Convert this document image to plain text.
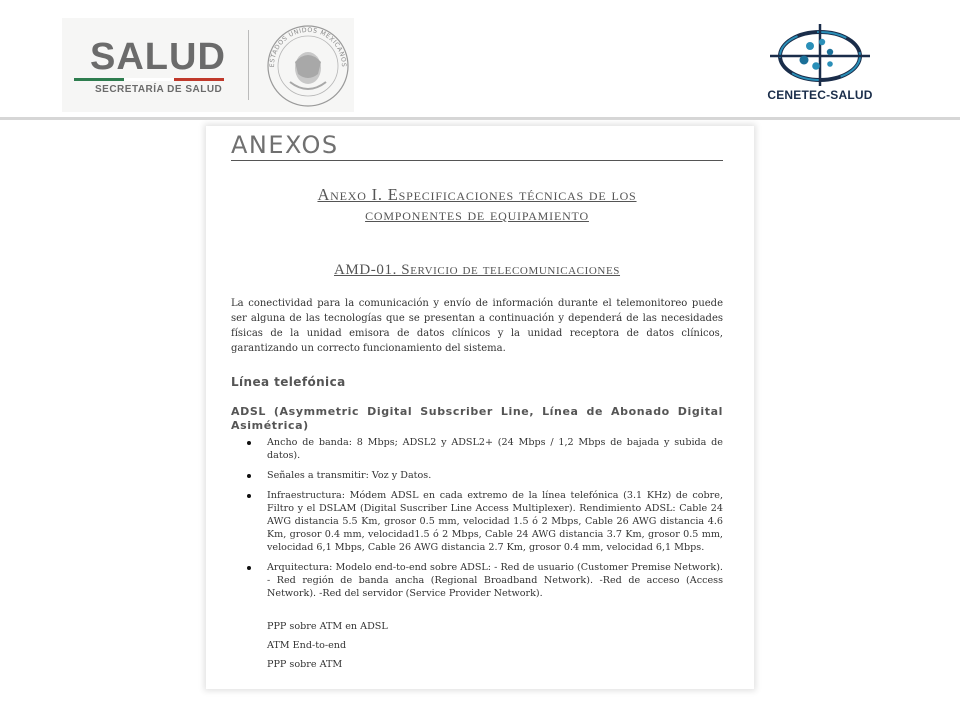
SALUD
SECRETARÍA DE SALUD
ESTADOS UNIDOS MEXICANOS
CENETEC-SALUD
ANEXOS
Anexo I. Especificaciones técnicas de los
componentes de equipamiento
AMD-01. Servicio de telecomunicaciones
La conectividad para la comunicación y envío de información durante el telemonitoreo puede ser alguna de las tecnologías que se presentan a continuación y dependerá de las necesidades físicas de la unidad emisora de datos clínicos y la unidad receptora de datos clínicos, garantizando un correcto funcionamiento del sistema.
Línea telefónica
ADSL (Asymmetric Digital Subscriber Line, Línea de Abonado Digital Asimétrica)
Ancho de banda: 8 Mbps; ADSL2 y ADSL2+ (24 Mbps / 1,2 Mbps de bajada y subida de datos).
Señales a transmitir: Voz y Datos.
Infraestructura: Módem ADSL en cada extremo de la línea telefónica (3.1 KHz) de cobre, Filtro y el DSLAM (Digital Suscriber Line Access Multiplexer). Rendimiento ADSL: Cable 24 AWG distancia 5.5 Km, grosor 0.5 mm, velocidad 1.5 ó 2 Mbps, Cable 26 AWG distancia 4.6 Km, grosor 0.4 mm, velocidad1.5 ó 2 Mbps, Cable 24 AWG distancia 3.7 Km, grosor 0.5 mm, velocidad 6,1 Mbps, Cable 26 AWG distancia 2.7 Km, grosor 0.4 mm, velocidad 6,1 Mbps.
Arquitectura: Modelo end-to-end sobre ADSL: - Red de usuario (Customer Premise Network). - Red región de banda ancha (Regional Broadband Network). -Red de acceso (Access Network). -Red del servidor (Service Provider Network).
PPP sobre ATM en ADSL
ATM End-to-end
PPP sobre ATM
